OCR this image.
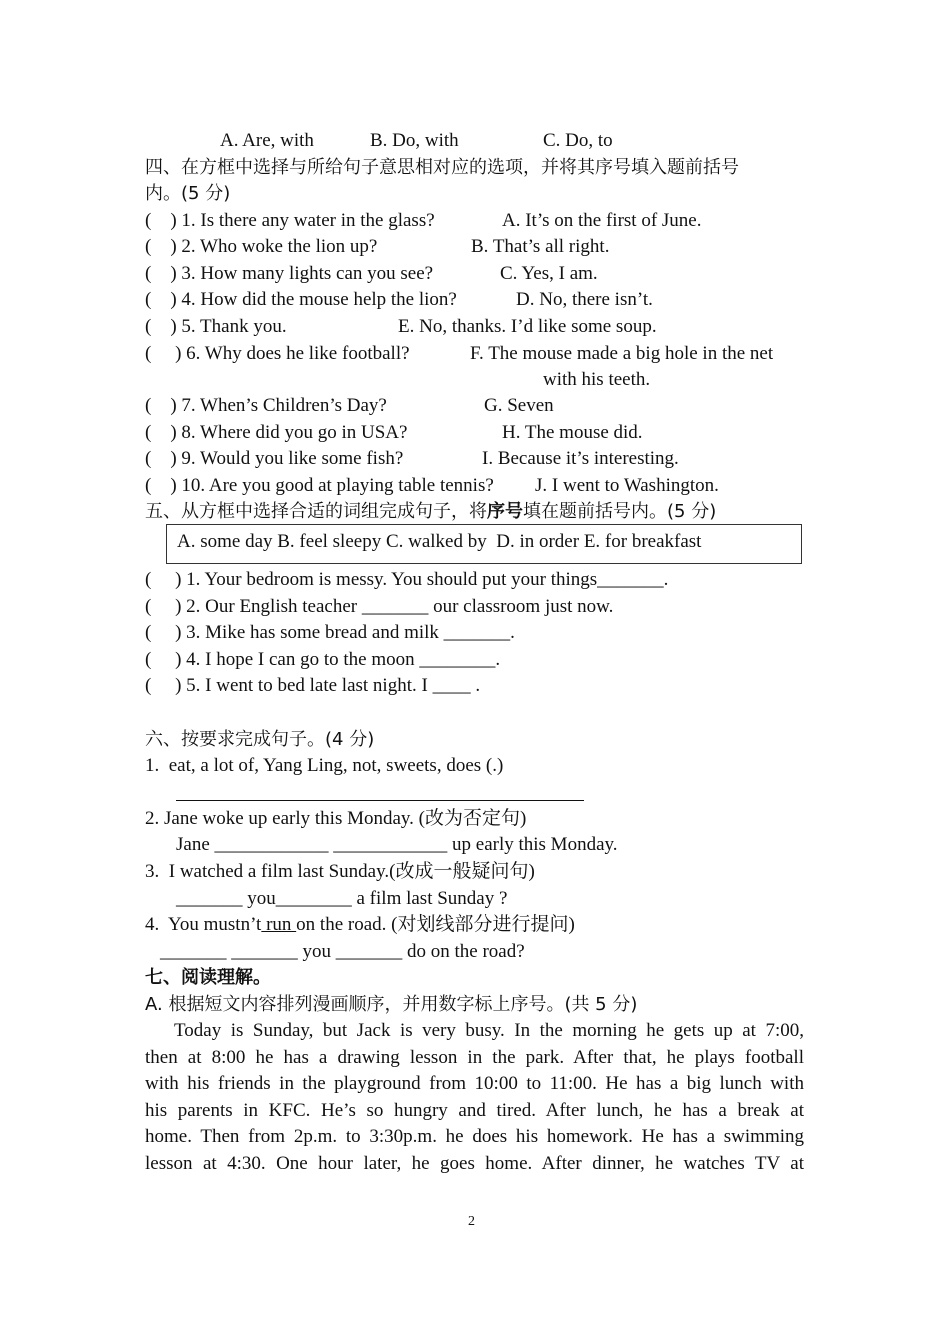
A. Are, with	B. Do, with	C. Do, to
四、在方框中选择与所给句子意思相对应的选项，并将其序号填入题前括号
内。(5 分)
(    ) 1. Is there any water in the glass?	A. It’s on the first of June.
(    ) 2. Who woke the lion up?	B. That’s all right.
(    ) 3. How many lights can you see?	C. Yes, I am.
(    ) 4. How did the mouse help the lion?	D. No, there isn’t.
(    ) 5. Thank you.	E. No, thanks. I’d like some soup.
(     ) 6. Why does he like football?	F. The mouse made a big hole in the net
with his teeth.
(    ) 7. When’s Children’s Day?	G. Seven
(    ) 8. Where did you go in USA?	H. The mouse did.
(    ) 9. Would you like some fish?	I. Because it’s interesting.
(    ) 10. Are you good at playing table tennis? J. I went to Washington.
五、从方框中选择合适的词组完成句子，将序号填在题前括号内。(5 分)
A. some day B. feel sleepy C. walked by  D. in order E. for breakfast
(     ) 1. Your bedroom is messy. You should put your things_______.
(     ) 2. Our English teacher _______ our classroom just now.
(     ) 3. Mike has some bread and milk _______.
(     ) 4. I hope I can go to the moon ________.
(     ) 5. I went to bed late last night. I ____ .
六、按要求完成句子。(4 分)
1.  eat, a lot of, Yang Ling, not, sweets, does (.)
2. Jane woke up early this Monday. (改为否定句)
Jane ____________ ____________ up early this Monday.
3.  I watched a film last Sunday.(改成一般疑问句)
_______ you________ a film last Sunday ?
4.  You mustn’t run on the road. (对划线部分进行提问)
_______ _______ you _______ do on the road?
七、阅读理解。
A. 根据短文内容排列漫画顺序，并用数字标上序号。(共 5 分)
Today is Sunday, but Jack is very busy. In the morning he gets up at 7:00,
then at 8:00 he has a drawing lesson in the park. After that, he plays football
with his friends in the playground from 10:00 to 11:00. He has a big lunch with
his parents in KFC. He’s so hungry and tired. After lunch, he has a break at
home. Then from 2p.m. to 3:30p.m. he does his homework. He has a swimming
lesson at 4:30. One hour later, he goes home. After dinner, he watches TV at
2
